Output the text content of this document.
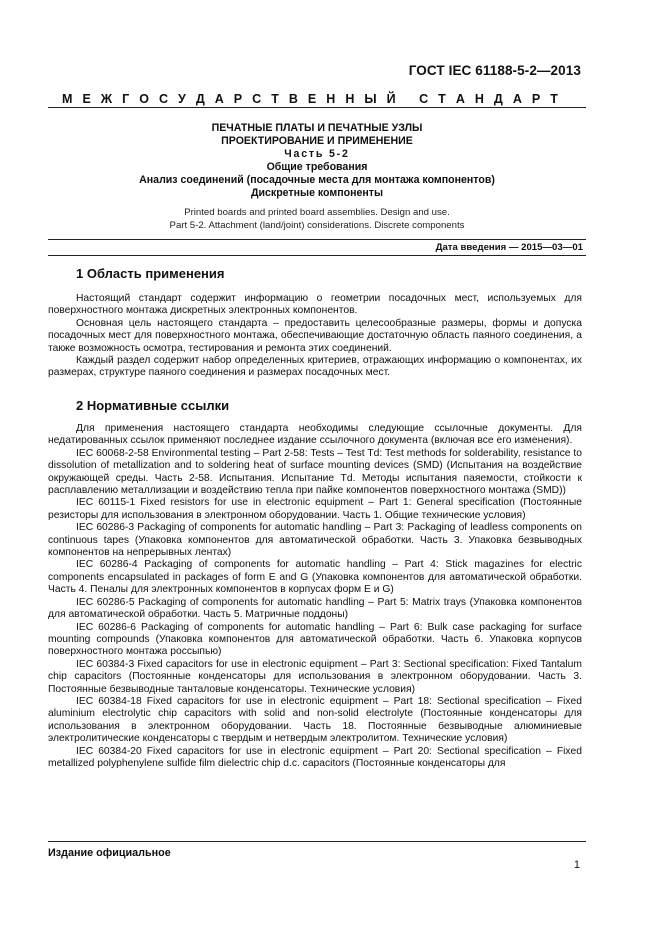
ГОСТ IEC 61188-5-2—2013
М Е Ж Г О С У Д А Р С Т В Е Н Н Ы Й
С Т А Н Д А Р Т
ПЕЧАТНЫЕ ПЛАТЫ И ПЕЧАТНЫЕ УЗЛЫ
ПРОЕКТИРОВАНИЕ И ПРИМЕНЕНИЕ
Часть 5-2
Общие требования
Анализ соединений (посадочные места для монтажа компонентов)
Дискретные компоненты
Printed boards and printed board assemblies. Design and use.
Part 5-2. Attachment (land/joint) considerations. Discrete components
Дата введения — 2015—03—01
1 Область применения

Настоящий стандарт содержит информацию о геометрии посадочных мест, используемых для поверхностного монтажа дискретных электронных компонентов.

Основная цель настоящего стандарта – предоставить целесообразные размеры, формы и допуска посадочных мест для поверхностного монтажа, обеспечивающие достаточную область паяного соединения, а также возможность осмотра, тестирования и ремонта этих соединений.

Каждый раздел содержит набор определенных критериев, отражающих информацию о компонентах, их размерах, структуре паяного соединения и размерах посадочных мест.

2 Нормативные ссылки

Для применения настоящего стандарта необходимы следующие ссылочные документы. Для недатированных ссылок применяют последнее издание ссылочного документа (включая все его изменения).

IEC 60068-2-58 Environmental testing – Part 2-58: Tests – Test Td: Test methods for solderability, resistance to dissolution of metallization and to soldering heat of surface mounting devices (SMD) (Испытания на воздействие окружающей среды. Часть 2-58. Испытания. Испытание Td. Методы испытания паяемости, стойкости к расплавлению металлизации и воздействию тепла при пайке компонентов поверхностного монтажа (SMD))

IEC 60115-1 Fixed resistors for use in electronic equipment – Part 1: General specification (Постоянные резисторы для использования в электронном оборудовании. Часть 1. Общие технические условия)

IEC 60286-3 Packaging of components for automatic handling – Part 3: Packaging of leadless components on continuous tapes (Упаковка компонентов для автоматической обработки. Часть 3. Упаковка безвыводных компонентов на непрерывных лентах)

IEC 60286-4 Packaging of components for automatic handling – Part 4: Stick magazines for electric components encapsulated in packages of form E and G (Упаковка компонентов для автоматической обработки. Часть 4. Пеналы для электронных компонентов в корпусах форм E и G)

IEC 60286-5 Packaging of components for automatic handling – Part 5: Matrix trays (Упаковка компонентов для автоматической обработки. Часть 5. Матричные поддоны)

IEC 60286-6 Packaging of components for automatic handling – Part 6: Bulk case packaging for surface mounting compounds (Упаковка компонентов для автоматической обработки. Часть 6. Упаковка корпусов поверхностного монтажа россыпью)

IEC 60384-3 Fixed capacitors for use in electronic equipment – Part 3: Sectional specification: Fixed Tantalum chip capacitors (Постоянные конденсаторы для использования в электронном оборудовании. Часть 3. Постоянные безвыводные танталовые конденсаторы. Технические условия)

IEC 60384-18 Fixed capacitors for use in electronic equipment – Part 18: Sectional specification – Fixed aluminium electrolytic chip capacitors with solid and non-solid electrolyte (Постоянные конденсаторы для использования в электронном оборудовании. Часть 18. Постоянные безвыводные алюминиевые электролитические конденсаторы с твердым и нетвердым электролитом. Технические условия)

IEC 60384-20 Fixed capacitors for use in electronic equipment – Part 20: Sectional specification – Fixed metallized polyphenylene sulfide film dielectric chip d.c. capacitors (Постоянные конденсаторы для

Издание официальное
1
